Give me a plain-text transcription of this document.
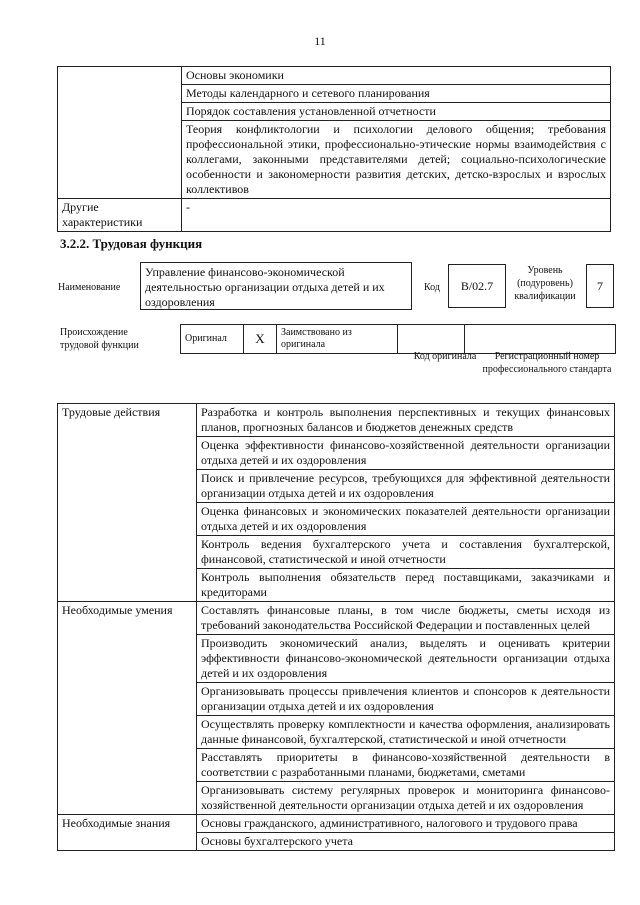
11
	Основы экономики
	Методы календарного и сетевого планирования
	Порядок составления установленной отчетности
	Теория конфликтологии и психологии делового общения; требования профессиональной этики, профессионально-этические нормы взаимодействия с коллегами, законными представителями детей; социально-психологические особенности и закономерности развития детских, детско-взрослых и взрослых коллективов
Другие характеристики	-
3.2.2. Трудовая функция
Наименование
Управление финансово-экономической деятельностью организации отдыха детей и их оздоровления
Код	B/02.7
Уровень (подуровень) квалификации
7
Происхождение трудовой функции
Оригинал	X	Заимствовано из оригинала		
Код оригинала	Регистрационный номер профессионального стандарта
Трудовые действия	Разработка и контроль выполнения перспективных и текущих финансовых планов, прогнозных балансов и бюджетов денежных средств
	Оценка эффективности финансово-хозяйственной деятельности организации отдыха детей и их оздоровления
	Поиск и привлечение ресурсов, требующихся для эффективной деятельности организации отдыха детей и их оздоровления
	Оценка финансовых и экономических показателей деятельности организации отдыха детей и их оздоровления
	Контроль ведения бухгалтерского учета и составления бухгалтерской, финансовой, статистической и иной отчетности
	Контроль выполнения обязательств перед поставщиками, заказчиками и кредиторами
Необходимые умения	Составлять финансовые планы, в том числе бюджеты, сметы исходя из требований законодательства Российской Федерации и поставленных целей
	Производить экономический анализ, выделять и оценивать критерии эффективности финансово-экономической деятельности организации отдыха детей и их оздоровления
	Организовывать процессы привлечения клиентов и спонсоров к деятельности организации отдыха детей и их оздоровления
	Осуществлять проверку комплектности и качества оформления, анализировать данные финансовой, бухгалтерской, статистической и иной отчетности
	Расставлять приоритеты в финансово-хозяйственной деятельности в соответствии с разработанными планами, бюджетами, сметами
	Организовывать систему регулярных проверок и мониторинга финансово-хозяйственной деятельности организации отдыха детей и их оздоровления
Необходимые знания	Основы гражданского, административного, налогового и трудового права
	Основы бухгалтерского учета
